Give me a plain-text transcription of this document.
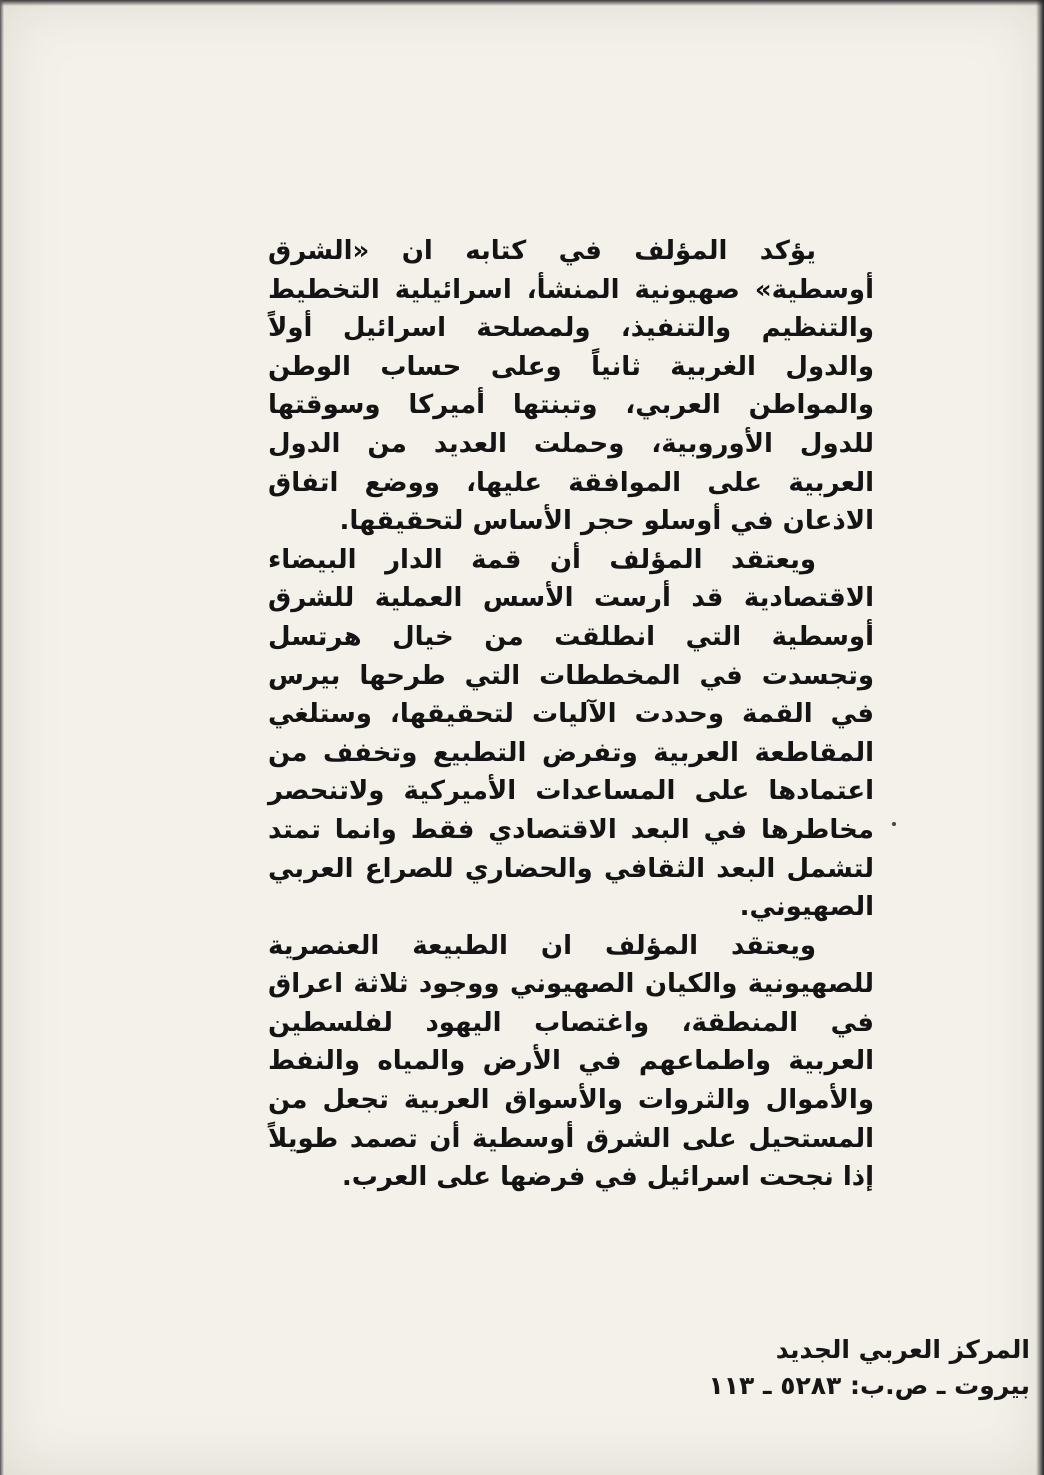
يؤكد المؤلف في كتابه ان «الشرق أوسطية» صهيونية المنشأ، اسرائيلية التخطيط والتنظيم والتنفيذ، ولمصلحة اسرائيل أولاً والدول الغربية ثانياً وعلى حساب الوطن والمواطن العربي، وتبنتها أميركا وسوقتها للدول الأوروبية، وحملت العديد من الدول العربية على الموافقة عليها، ووضع اتفاق الاذعان في أوسلو حجر الأساس لتحقيقها.

ويعتقد المؤلف أن قمة الدار البيضاء الاقتصادية قد أرست الأسس العملية للشرق أوسطية التي انطلقت من خيال هرتسل وتجسدت في المخططات التي طرحها بيرس في القمة وحددت الآليات لتحقيقها، وستلغي المقاطعة العربية وتفرض التطبيع وتخفف من اعتمادها على المساعدات الأميركية ولاتنحصر مخاطرها في البعد الاقتصادي فقط وانما تمتد لتشمل البعد الثقافي والحضاري للصراع العربي الصهيوني.

ويعتقد المؤلف ان الطبيعة العنصرية للصهيونية والكيان الصهيوني ووجود ثلاثة اعراق في المنطقة، واغتصاب اليهود لفلسطين العربية واطماعهم في الأرض والمياه والنفط والأموال والثروات والأسواق العربية تجعل من المستحيل على الشرق أوسطية أن تصمد طويلاً إذا نجحت اسرائيل في فرضها على العرب.

المركز العربي الجديد
بيروت ـ ص.ب: ٥٢٨٣ ـ ١١٣
